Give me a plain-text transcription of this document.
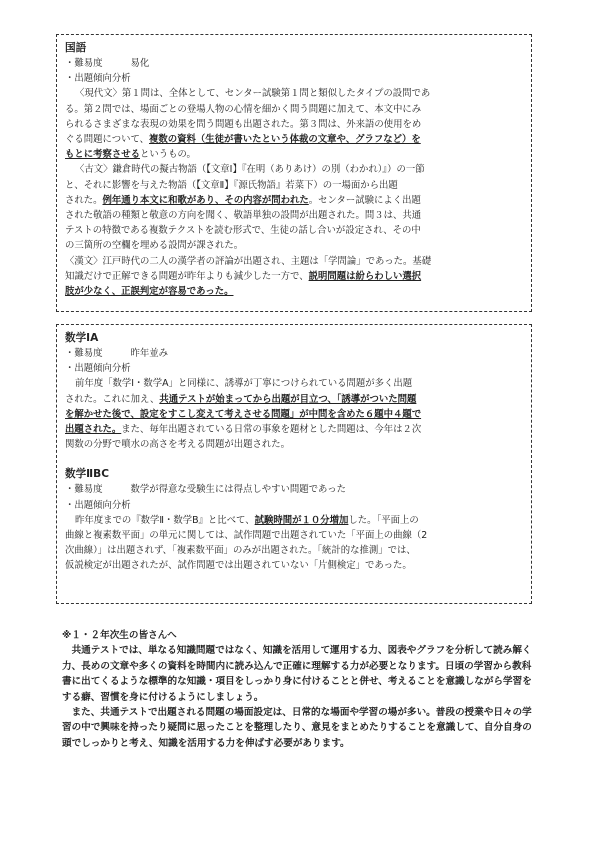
国語
・難易度	易化
・出題傾向分析
〈現代文〉第１問は、全体として、センター試験第１問と類似したタイプの設問であ
る。第２問では、場面ごとの登場人物の心情を細かく問う問題に加えて、本文中にみ
られるさまざまな表現の効果を問う問題も出題された。第３問は、外来語の使用をめ
ぐる問題について、複数の資料（生徒が書いたという体裁の文章や、グラフなど）を
もとに考察させるというもの。
〈古文〉鎌倉時代の擬古物語（【文章Ⅰ】『在明（ありあけ）の別（わかれ）』）の一節
と、それに影響を与えた物語（【文章Ⅱ】『源氏物語』若菜下）の一場面から出題
された。例年通り本文に和歌があり、その内容が問われた。センター試験によく出題
された敬語の種類と敬意の方向を聞く、敬語単独の設問が出題された。問３は、共通
テストの特徴である複数テクストを読む形式で、生徒の話し合いが設定され、その中
の三箇所の空欄を埋める設問が課された。
〈漢文〉江戸時代の二人の漢学者の評論が出題され、主題は「学問論」であった。基礎
知識だけで正解できる問題が昨年よりも減少した一方で、説明問題は紛らわしい選択
肢が少なく、正誤判定が容易であった。
数学ⅠA
・難易度	昨年並み
・出題傾向分析
前年度「数学Ⅰ・数学A」と同様に、誘導が丁寧につけられている問題が多く出題
された。これに加え、共通テストが始まってから出題が目立つ、「誘導がついた問題
を解かせた後で、設定をすこし変えて考えさせる問題」が中問を含めた６題中４題で
出題された。また、毎年出題されている日常の事象を題材とした問題は、今年は２次
関数の分野で噴水の高さを考える問題が出題された。
数学ⅡBC
・難易度	数学が得意な受験生には得点しやすい問題であった
・出題傾向分析
昨年度までの『数学Ⅱ・数学B』と比べて、試験時間が１０分増加した。「平面上の
曲線と複素数平面」の単元に関しては、試作問題で出題されていた「平面上の曲線（2
次曲線）」は出題されず、「複素数平面」のみが出題された。「統計的な推測」では、
仮説検定が出題されたが、試作問題では出題されていない「片側検定」であった。

※１・２年次生の皆さんへ

共通テストでは、単なる知識問題ではなく、知識を活用して運用する力、図表やグラフを分析して読み解く力、長めの文章や多くの資料を時間内に読み込んで正確に理解する力が必要となります。日頃の学習から教科書に出てくるような標準的な知識・項目をしっかり身に付けることと併せ、考えることを意識しながら学習をする癖、習慣を身に付けるようにしましょう。

また、共通テストで出題される問題の場面設定は、日常的な場面や学習の場が多い。普段の授業や日々の学習の中で興味を持ったり疑問に思ったことを整理したり、意見をまとめたりすることを意識して、自分自身の頭でしっかりと考え、知識を活用する力を伸ばす必要があります。
